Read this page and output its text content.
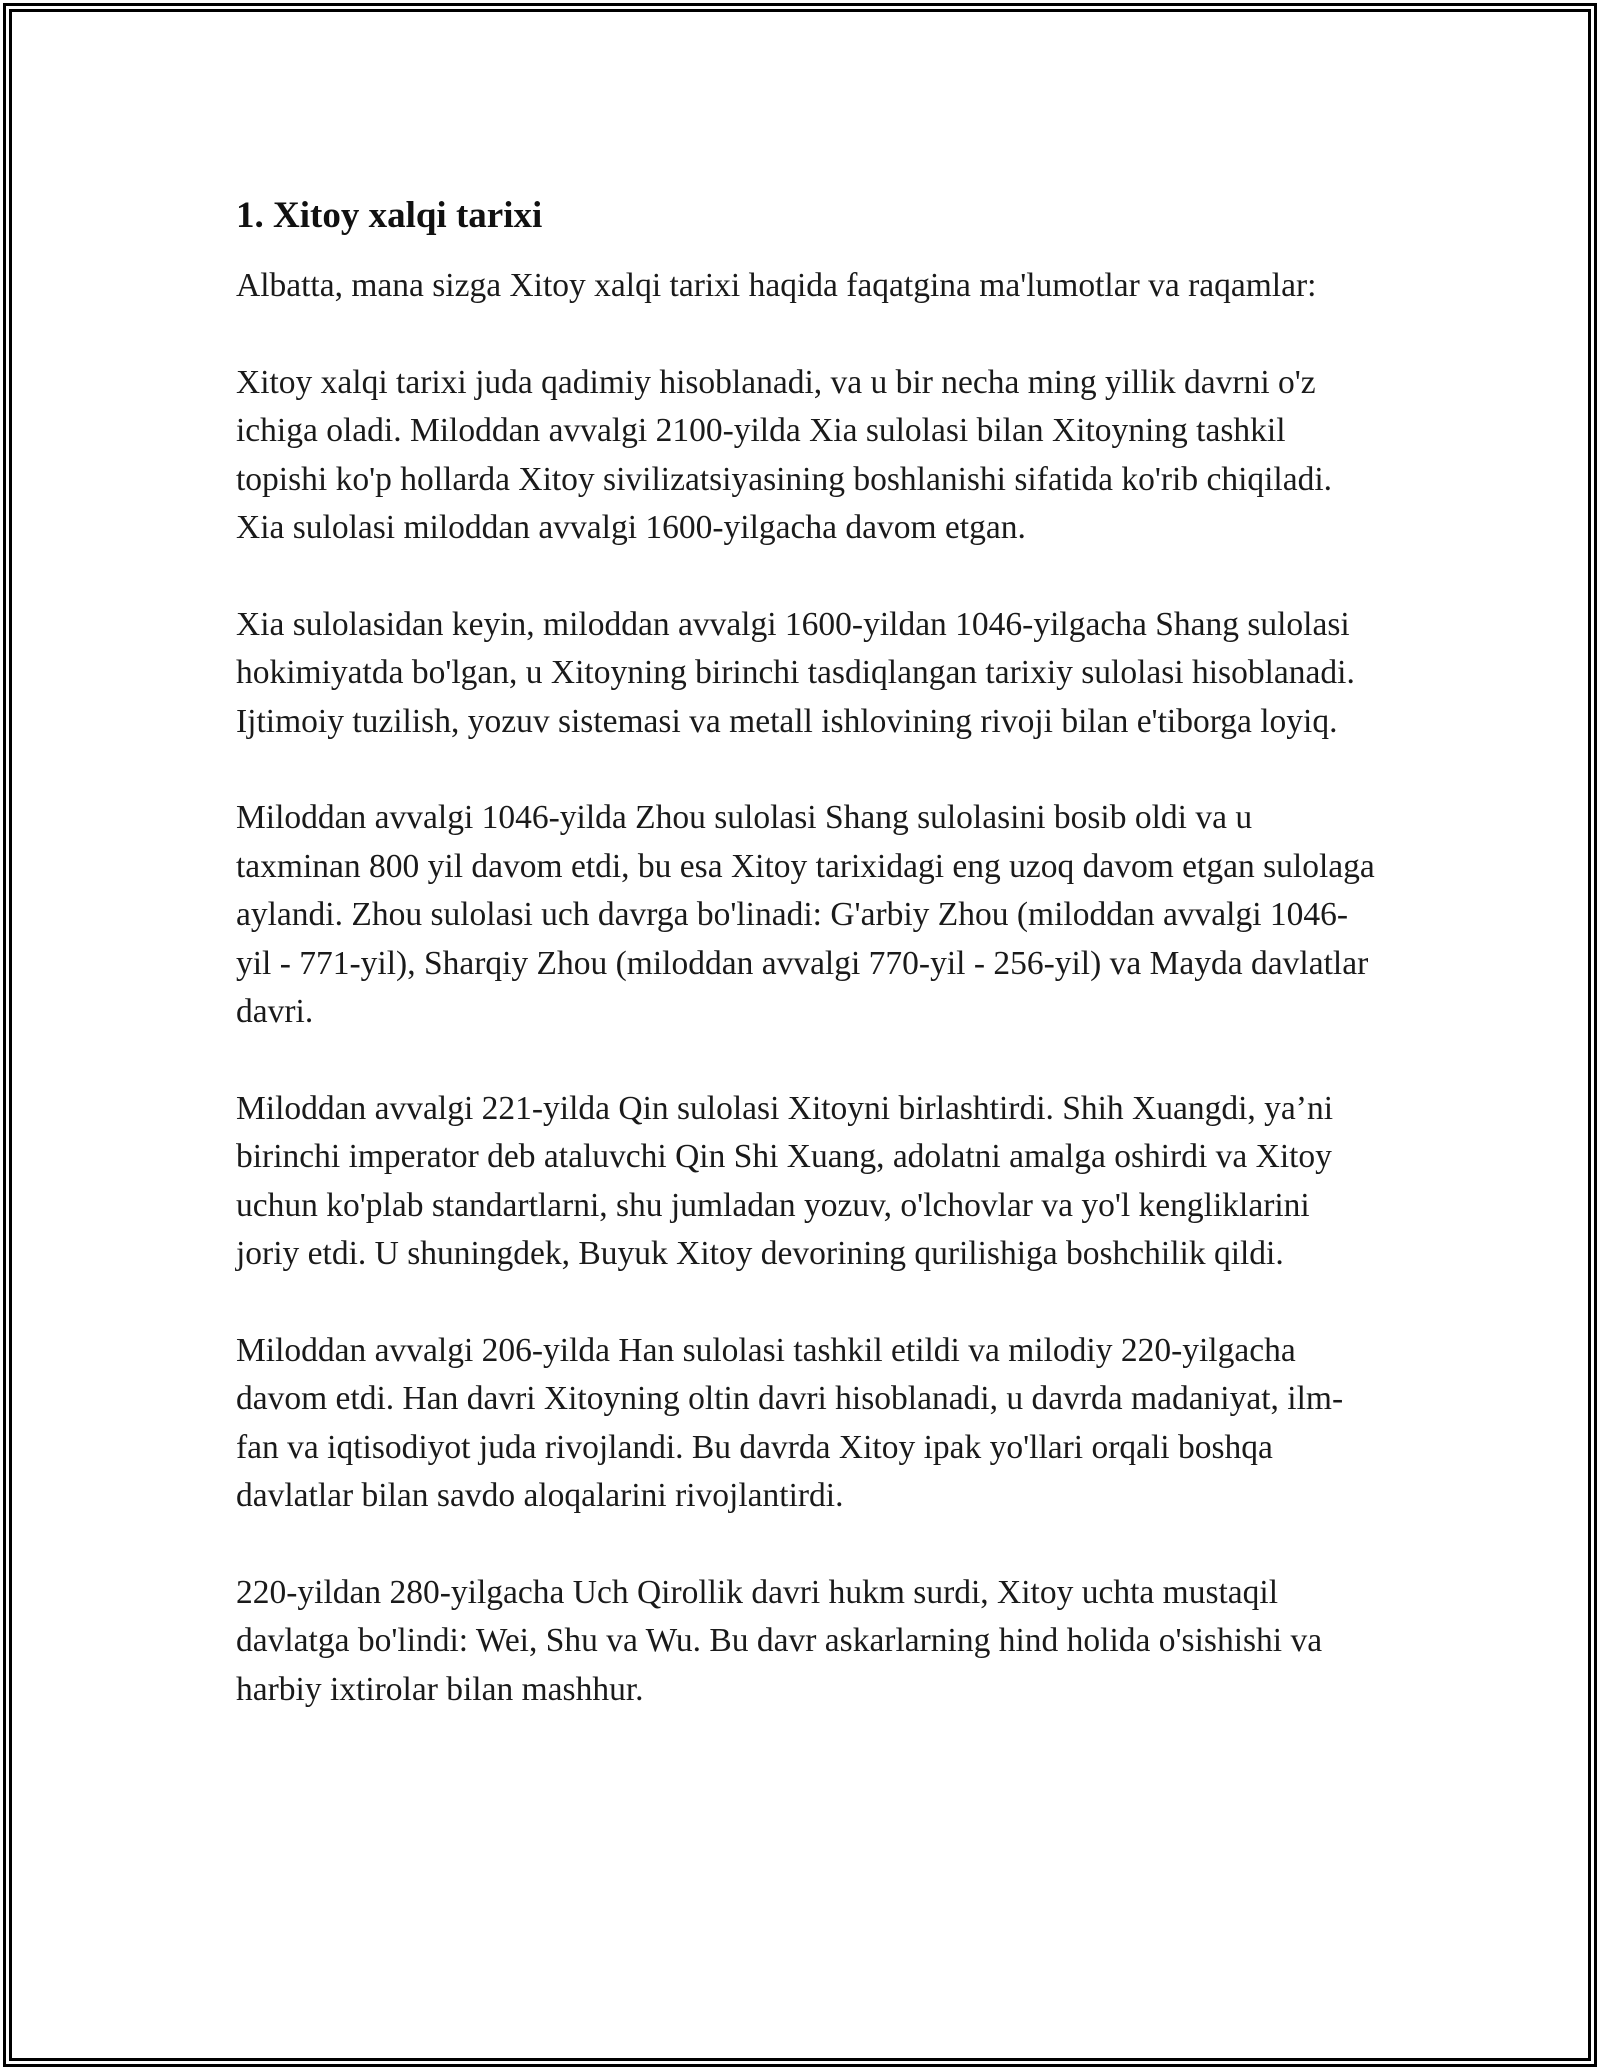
1. Xitoy xalqi tarixi

Albatta, mana sizga Xitoy xalqi tarixi haqida faqatgina ma'lumotlar va raqamlar:

Xitoy xalqi tarixi juda qadimiy hisoblanadi, va u bir necha ming yillik davrni o'z ichiga oladi. Miloddan avvalgi 2100-yilda Xia sulolasi bilan Xitoyning tashkil topishi ko'p hollarda Xitoy sivilizatsiyasining boshlanishi sifatida ko'rib chiqiladi. Xia sulolasi miloddan avvalgi 1600-yilgacha davom etgan.

Xia sulolasidan keyin, miloddan avvalgi 1600-yildan 1046-yilgacha Shang sulolasi hokimiyatda bo'lgan, u Xitoyning birinchi tasdiqlangan tarixiy sulolasi hisoblanadi. Ijtimoiy tuzilish, yozuv sistemasi va metall ishlovining rivoji bilan e'tiborga loyiq.

Miloddan avvalgi 1046-yilda Zhou sulolasi Shang sulolasini bosib oldi va u taxminan 800 yil davom etdi, bu esa Xitoy tarixidagi eng uzoq davom etgan sulolaga aylandi. Zhou sulolasi uch davrga bo'linadi: G'arbiy Zhou (miloddan avvalgi 1046-yil - 771-yil), Sharqiy Zhou (miloddan avvalgi 770-yil - 256-yil) va Mayda davlatlar davri.

Miloddan avvalgi 221-yilda Qin sulolasi Xitoyni birlashtirdi. Shih Xuangdi, ya’ni birinchi imperator deb ataluvchi Qin Shi Xuang, adolatni amalga oshirdi va Xitoy uchun ko'plab standartlarni, shu jumladan yozuv, o'lchovlar va yo'l kengliklarini joriy etdi. U shuningdek, Buyuk Xitoy devorining qurilishiga boshchilik qildi.

Miloddan avvalgi 206-yilda Han sulolasi tashkil etildi va milodiy 220-yilgacha davom etdi. Han davri Xitoyning oltin davri hisoblanadi, u davrda madaniyat, ilm-fan va iqtisodiyot juda rivojlandi. Bu davrda Xitoy ipak yo'llari orqali boshqa davlatlar bilan savdo aloqalarini rivojlantirdi.

220-yildan 280-yilgacha Uch Qirollik davri hukm surdi, Xitoy uchta mustaqil davlatga bo'lindi: Wei, Shu va Wu. Bu davr askarlarning hind holida o'sishishi va harbiy ixtirolar bilan mashhur.
